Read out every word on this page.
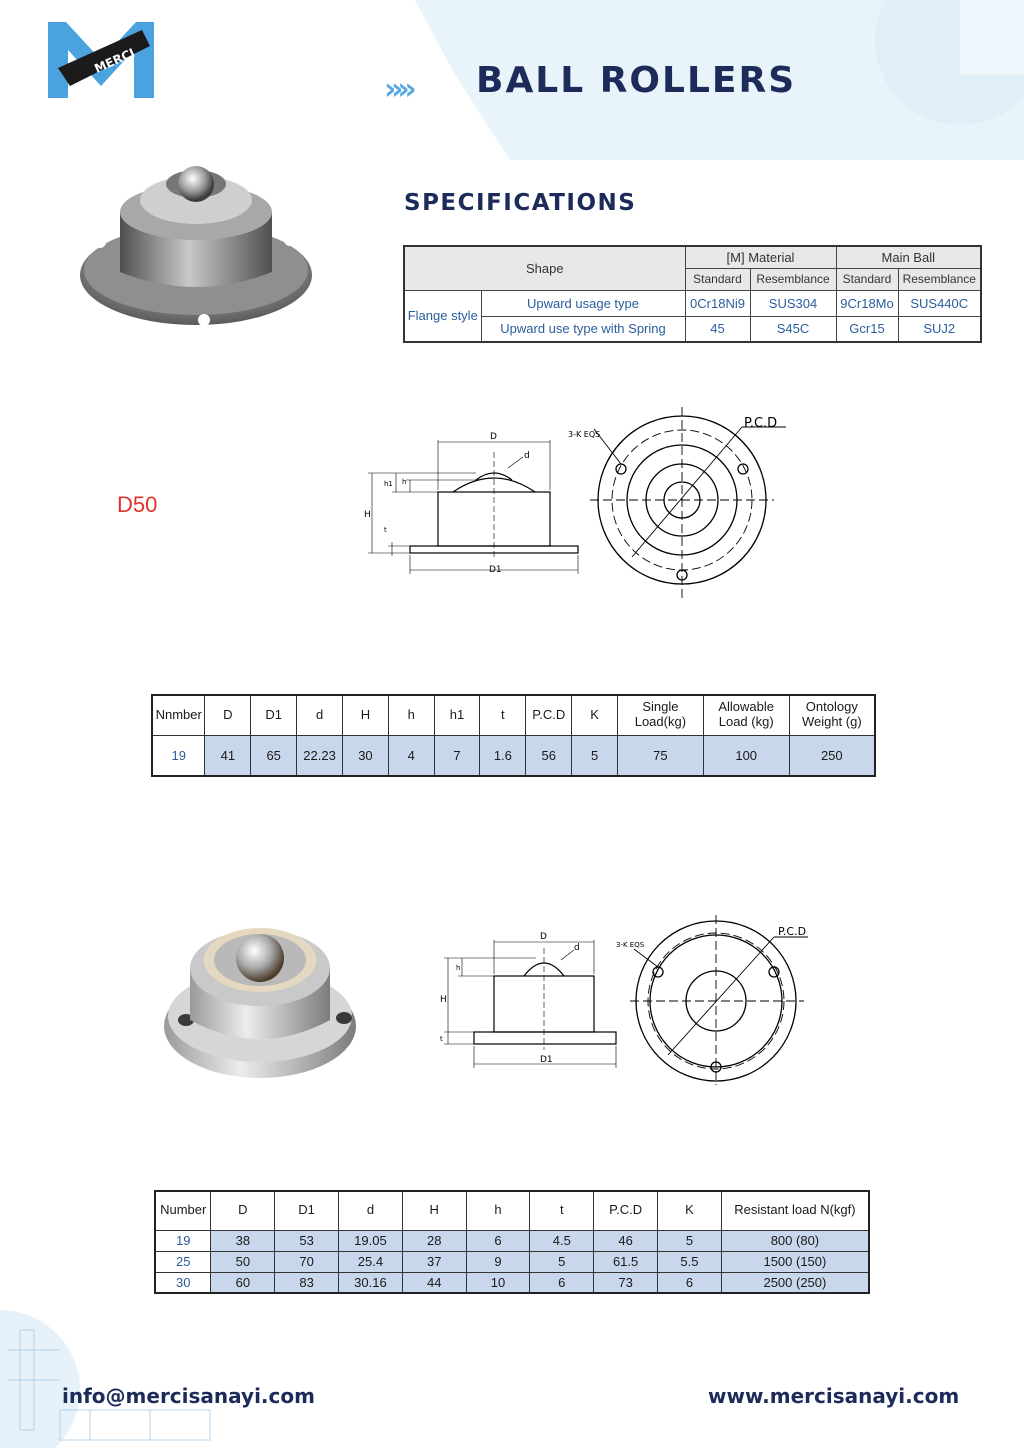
MERCI
»» BALL ROLLERS
SPECIFICATIONS
Shape		[M] Material		Main Ball	
		Standard	Resemblance	Standard	Resemblance
Flange style	Upward usage type	0Cr18Ni9	SUS304	9Cr18Mo	SUS440C
	Upward use type with Spring	45	S45C	Gcr15	SUJ2
D50
D
d
H
h1 h
t
D1
P.C.D
3-K EQS
Nnmber	D	D1	d	H	h	h1	t	P.C.D	K	Single Load(kg)	Allowable Load (kg)	Ontology Weight (g)
19	41	65	22.23	30	4	7	1.6	56	5	75	100	250
D
d
H
h
t
D1
P.C.D
3-K EQS
Number	D	D1	d	H	h	t	P.C.D	K	Resistant load N(kgf)
19	38	53	19.05	28	6	4.5	46	5	800 (80)
25	50	70	25.4	37	9	5	61.5	5.5	1500 (150)
30	60	83	30.16	44	10	6	73	6	2500 (250)
info@mercisanayi.com	www.mercisanayi.com
